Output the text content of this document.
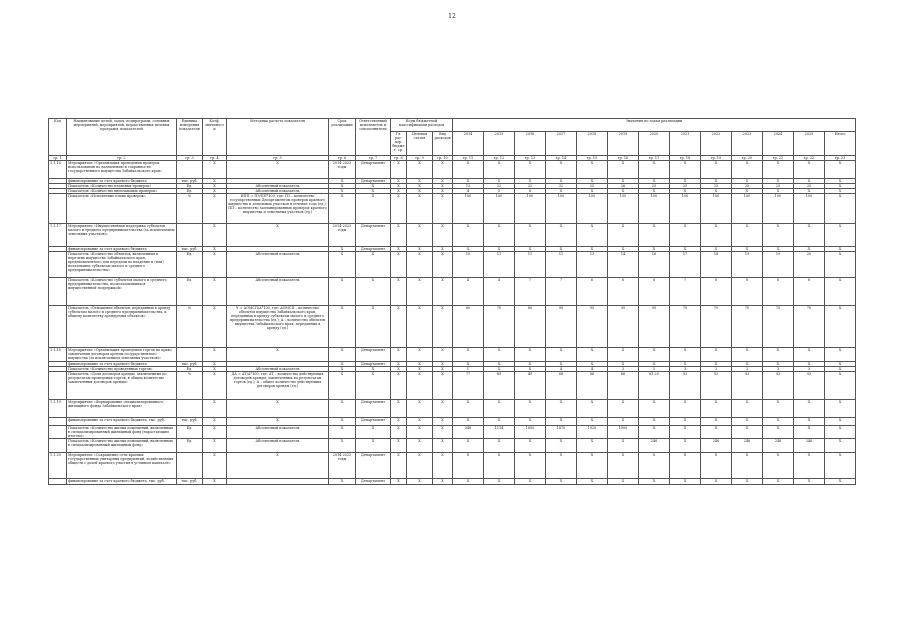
12
Код	Наименование целей, задач, подпрограмм, основных мероприятий, мероприятий, ведомственных целевых программ, показателей	Единица измерения показателя	Коэф. значимости	Методика расчета показателя	Срок реализации	Ответственный исполнитель и соисполнители	Коды бюджетной классификации расходов			Значения по годам реализации												
							Гл. рас-пор. бюджет. ср.	Целевая статья	Вид расходов	2014	2015	2016	2017	2018	2019	2020	2021	2022	2023	2024	2025	Итого
гр. 1	гр. 2	гр. 3	гр. 4	гр. 5	гр. 6	гр. 7	гр. 8	гр. 9	гр. 10	гр. 11	гр. 12	гр. 13	гр. 14	гр. 15	гр. 16	гр. 17	гр. 18	гр. 19	гр. 20	гр. 21	гр. 22	гр. 23
1.1.16	Мероприятие «Организация проведения проверок использования по назначению и сохранности государственного имущества Забайкальского края»		Х	Х	2014-2025 годы	Департамент	Х	Х	Х	Х	Х	Х	Х	Х	Х	Х	Х	Х	Х	Х	Х	Х
	финансирование за счет краевого бюджета	тыс. руб.	Х		Х	Департамент	Х	Х	Х	Х	Х	Х	Х	Х	Х	Х	Х	Х	Х	Х	Х	Х
	Показатель «Количество плановых проверок»	Ед.	Х	Абсолютный показатель	Х	Х	Х	Х	Х	13	22	22	32	25	26	25	25	25	25	25	25	Х
	Показатель «Количество внеплановых проверок»	Ед.	Х	Абсолютный показатель	Х	Х	Х	Х	Х	4	5	8	Х	Х	Х	Х	Х	Х	Х	Х	Х	Х
	Показатель «Исполнение плана проверок»	%	Х	ИПП = ПЗ/ПП*100, где: ПЗ – количество государственных Департаментом проверок краевого имущества и земельных участков в течение года (ед.); ПП – количество запланированных проверок краевого имущества и земельных участков (ед.)	Х	Х	Х	Х	Х	100	100	100	100	100	100	100	100	100	100	100	100	Х
1.1.17	Мероприятие «Имущественная поддержка субъектов малого и среднего предпринимательства (за исключением земельных участков)»		Х	Х	2014-2025 годы	Департамент	Х	Х	Х	Х	Х	Х	Х	Х	Х	Х	Х	Х	Х	Х	Х	Х
	финансирование за счет краевого бюджета	тыс. руб.	Х		Х	Департамент	Х	Х	Х	Х	Х	Х	Х	Х	Х	Х	Х	Х	Х	Х	Х	Х
	Показатель «Количество объектов, включенных в перечень имущества Забайкальского края, предназначенного для передачи во владение и (или) пользование субъектам малого и среднего предпринимательства»	Ед.	Х	Абсолютный показатель	Х	Х	Х	Х	Х	10	11	11	11	13	14	16	17	18	19	19	20	Х
	Показатель «Количество субъектов малого и среднего предпринимательства, воспользовавшихся имущественной поддержкой»	Ед.	Х	Абсолютный показатель	Х	Х	Х	Х	Х	4	4	7	7	6	6	6	7	8	8	8	8	Х
	Показатель «Отношение объектов, переданных в аренду субъектам малого и среднего предпринимательства, к общему количеству арендуемых объектов»	%	Х	У = АОМСП/А*100, где: АОМСП – количество объектов имущества Забайкальского края, переданных в аренду субъектам малого и среднего предпринимательства (ед.); А – количество объектов имущества Забайкальского края, переданных в аренду (ед.)	Х	Х	Х	Х	Х	60	70	80	90	95	95	95	70	70	70	70	70	Х
1.1.18	Мероприятие «Организация проведения торгов на право заключения договоров аренды государственного имущества (за исключением земельных участков)»		Х	Х	Х	Департамент	Х	Х	Х	Х	Х	Х	Х	Х	Х	Х	Х	Х	Х	Х	Х	Х
	финансирование за счет краевого бюджета	тыс. руб.	Х		Х	Департамент	Х	Х	Х	Х	Х	Х	Х	Х	Х	Х	Х	Х	Х	Х	Х	Х
	Показатель «Количество проведенных торгов»	Ед.	Х	Абсолютный показатель	Х	Х	Х	Х	Х	1	Х	Х	4	4	3	3	3	3	3	3	3	Х
	Показатель «Доля договоров аренды, заключенных по результатам проведения торгов, в общем количестве заключенных договоров аренды»	%	Х	ДА = АТ/А*100, где: АТ – количество действующих договоров аренды, заключенных по результатам торгов (ед.); А – общее количество действующих договоров аренды (ед.)	Х	Х	Х	Х	Х	77	89	49	68	66	66	81,25	93	93	93	93	93	Х
1.1.19	Мероприятие «Формирование специализированного жилищного фонда Забайкальского края»		Х	Х	Х	Департамент	Х	Х	Х	Х	Х	Х	Х	Х	Х	Х	Х	Х	Х	Х	Х	Х
	финансирование за счет краевого бюджета, тыс. руб.	тыс. руб.	Х	Х	Х	Департамент	Х	Х	Х	Х	Х	Х	Х	Х	Х	Х	Х	Х	Х	Х	Х	Х
	Показатель «Количество жилых помещений, включенных в специализированный жилищный фонд (нарастающим итогом)»	Ед.	Х	Абсолютный показатель	Х	Х	Х	Х	Х	348	1114	1650	1870	1920	1900	Х	Х	Х	Х	Х	Х	Х
	Показатель «Количество жилых помещений, включенных в специализированный жилищный фонд»	Ед.	Х	Абсолютный показатель	Х	Х	Х	Х	Х	Х	Х	Х	Х	Х	Х	246	Х	246	246	246	246	Х
1.1.20	Мероприятие «Сокращение сети краевых государственных унитарных предприятий, хозяйственных обществ с долей краевого участия в уставном капитале»		Х	Х	2014-2025 годы	Департамент	Х	Х	Х	Х	Х	Х	Х	Х	Х	Х	Х	Х	Х	Х	Х	Х
	финансирование за счет краевого бюджета, тыс. руб.	тыс. руб.	Х		Х	Департамент	Х	Х	Х	Х	Х	Х	Х	Х	Х	Х	Х	Х	Х	Х	Х	Х
